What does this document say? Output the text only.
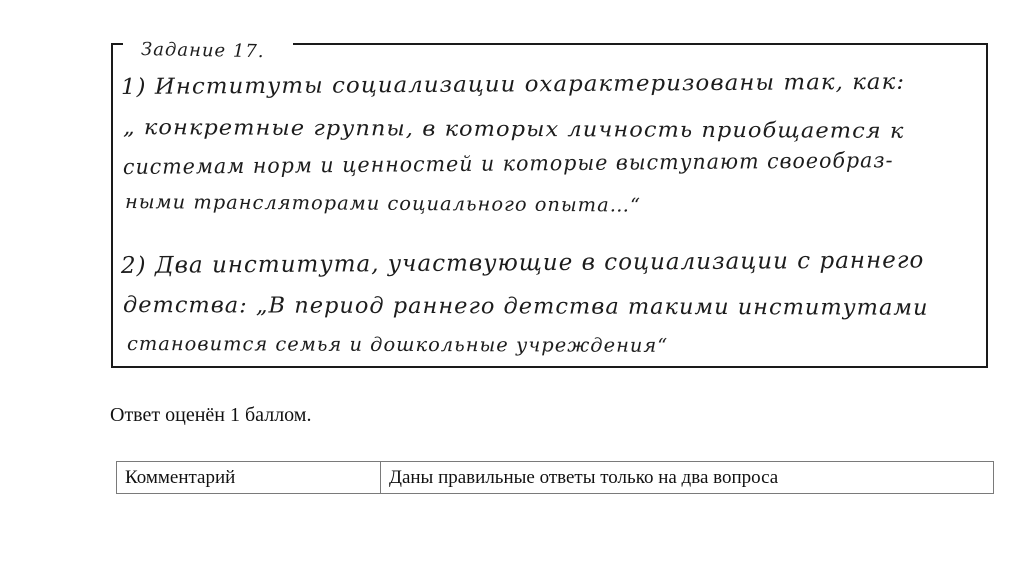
Задание 17.
1) Институты социализации охарактеризованы так, как:
„ конкретные группы, в которых личность приобщается к
системам норм и ценностей и которые выступают своеобраз-
ными трансляторами социального опыта…“
2) Два института, участвующие в социализации с раннего
детства: „В период раннего детства такими институтами
становится семья и дошкольные учреждения“
Ответ оценён 1 баллом.
Комментарий	Даны правильные ответы только на два вопроса
